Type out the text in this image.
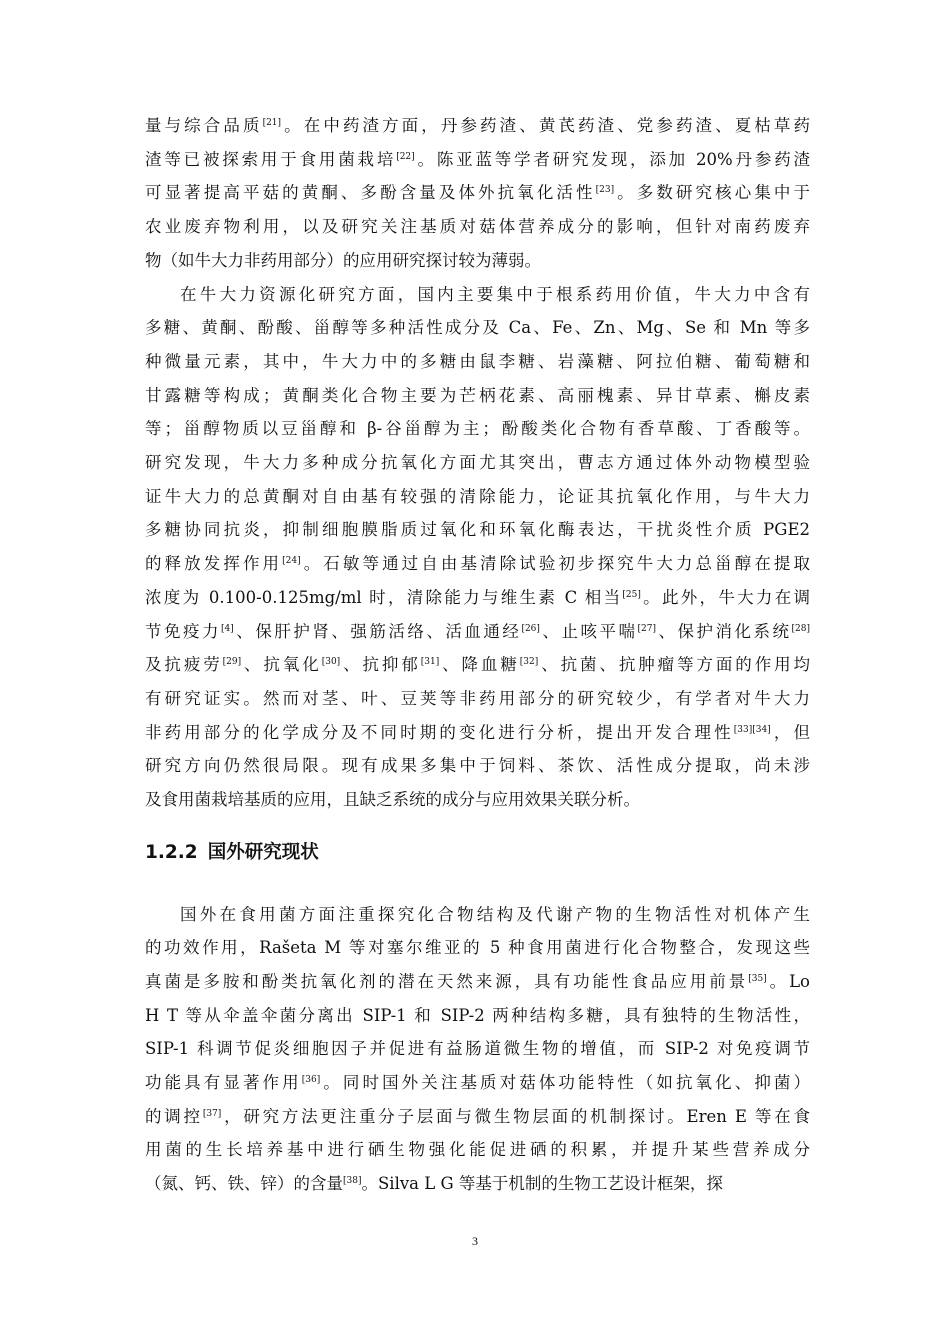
量与综合品质[21]。在中药渣方面，丹参药渣、黄芪药渣、党参药渣、夏枯草药
渣等已被探索用于食用菌栽培[22]。陈亚蓝等学者研究发现，添加 20%丹参药渣
可显著提高平菇的黄酮、多酚含量及体外抗氧化活性[23]。多数研究核心集中于
农业废弃物利用，以及研究关注基质对菇体营养成分的影响，但针对南药废弃
物（如牛大力非药用部分）的应用研究探讨较为薄弱。
在牛大力资源化研究方面，国内主要集中于根系药用价值，牛大力中含有
多糖、黄酮、酚酸、甾醇等多种活性成分及 Ca、Fe、Zn、Mg、Se 和 Mn 等多
种微量元素，其中，牛大力中的多糖由鼠李糖、岩藻糖、阿拉伯糖、葡萄糖和
甘露糖等构成；黄酮类化合物主要为芒柄花素、高丽槐素、异甘草素、槲皮素
等；甾醇物质以豆甾醇和 β-谷甾醇为主；酚酸类化合物有香草酸、丁香酸等。
研究发现，牛大力多种成分抗氧化方面尤其突出，曹志方通过体外动物模型验
证牛大力的总黄酮对自由基有较强的清除能力，论证其抗氧化作用，与牛大力
多糖协同抗炎，抑制细胞膜脂质过氧化和环氧化酶表达，干扰炎性介质 PGE2
的释放发挥作用[24]。石敏等通过自由基清除试验初步探究牛大力总甾醇在提取
浓度为 0.100-0.125mg/ml 时，清除能力与维生素 C 相当[25]。此外，牛大力在调
节免疫力[4]、保肝护肾、强筋活络、活血通经[26]、止咳平喘[27]、保护消化系统[28]
及抗疲劳[29]、抗氧化[30]、抗抑郁[31]、降血糖[32]、抗菌、抗肿瘤等方面的作用均
有研究证实。然而对茎、叶、豆荚等非药用部分的研究较少，有学者对牛大力
非药用部分的化学成分及不同时期的变化进行分析，提出开发合理性[33][34]，但
研究方向仍然很局限。现有成果多集中于饲料、茶饮、活性成分提取，尚未涉
及食用菌栽培基质的应用，且缺乏系统的成分与应用效果关联分析。
1.2.2 国外研究现状
国外在食用菌方面注重探究化合物结构及代谢产物的生物活性对机体产生
的功效作用，Rašeta M 等对塞尔维亚的 5 种食用菌进行化合物整合，发现这些
真菌是多胺和酚类抗氧化剂的潜在天然来源，具有功能性食品应用前景[35]。Lo
H T 等从伞盖伞菌分离出 SIP-1 和 SIP-2 两种结构多糖，具有独特的生物活性，
SIP-1 科调节促炎细胞因子并促进有益肠道微生物的增值，而 SIP-2 对免疫调节
功能具有显著作用[36]。同时国外关注基质对菇体功能特性（如抗氧化、抑菌）
的调控[37]，研究方法更注重分子层面与微生物层面的机制探讨。Eren E 等在食
用菌的生长培养基中进行硒生物强化能促进硒的积累，并提升某些营养成分
（氮、钙、铁、锌）的含量[38]。Silva L G 等基于机制的生物工艺设计框架，探
3
